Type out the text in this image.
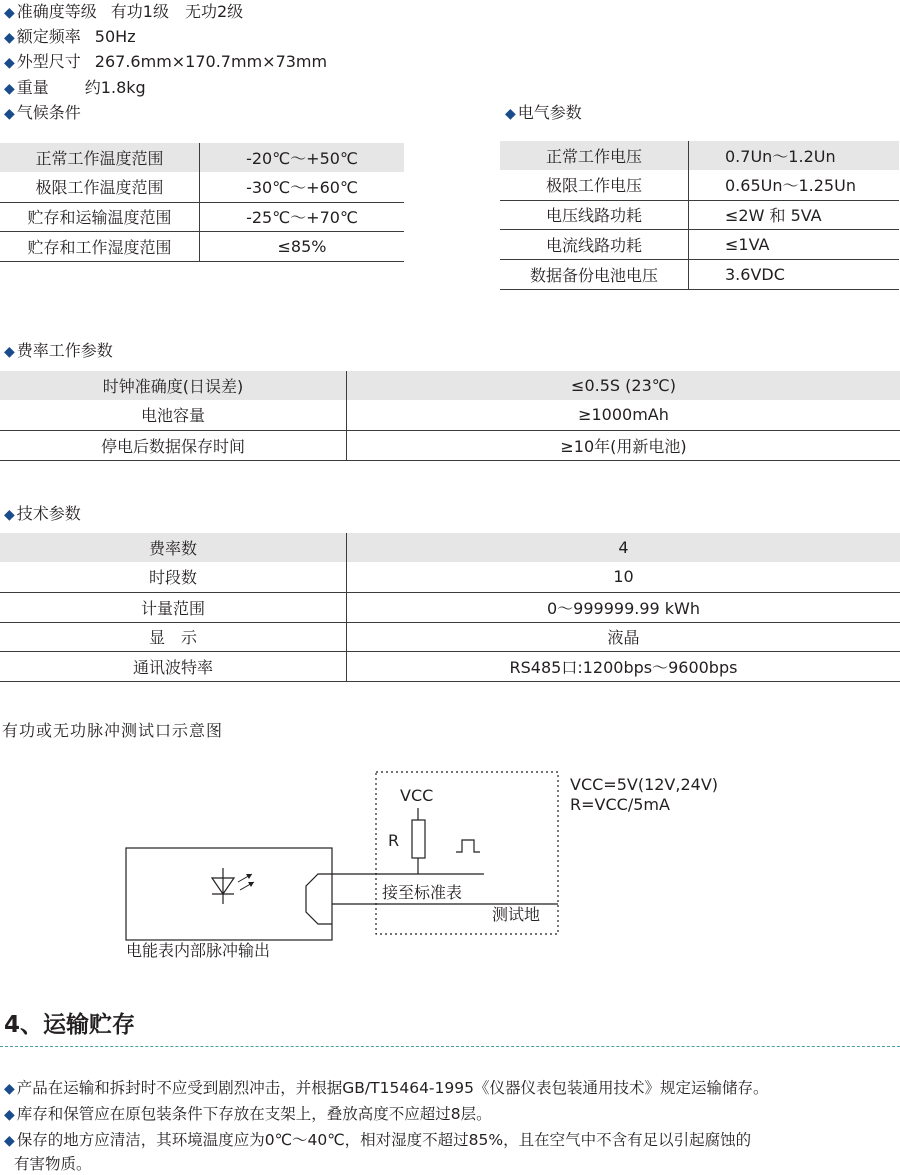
◆ 准确度等级 有功1级　无功2级
◆ 额定频率 50Hz
◆ 外型尺寸 267.6mm×170.7mm×73mm
◆ 重量 约1.8kg
◆ 气候条件
正常工作温度范围	-20℃～+50℃
极限工作温度范围	-30℃～+60℃
贮存和运输温度范围	-25℃～+70℃
贮存和工作湿度范围	≤85%
◆ 电气参数
正常工作电压	0.7Un～1.2Un
极限工作电压	0.65Un～1.25Un
电压线路功耗	≤2W 和 5VA
电流线路功耗	≤1VA
数据备份电池电压	3.6VDC
◆ 费率工作参数
时钟准确度(日误差)	≤0.5S (23℃)
电池容量	≥1000mAh
停电后数据保存时间	≥10年(用新电池)
◆ 技术参数
费率数	4
时段数	10
计量范围	0～999999.99 kWh
显　示	液晶
通讯波特率	RS485口:1200bps～9600bps
有功或无功脉冲测试口示意图
VCC
R
接至标准表
测试地
电能表内部脉冲输出
VCC=5V(12V,24V)
R=VCC/5mA
4、运输贮存
◆ 产品在运输和拆封时不应受到剧烈冲击，并根据GB/T15464-1995《仪器仪表包装通用技术》规定运输储存。
◆ 库存和保管应在原包装条件下存放在支架上，叠放高度不应超过8层。
◆ 保存的地方应清洁，其环境温度应为0℃～40℃，相对湿度不超过85%，且在空气中不含有足以引起腐蚀的
有害物质。
